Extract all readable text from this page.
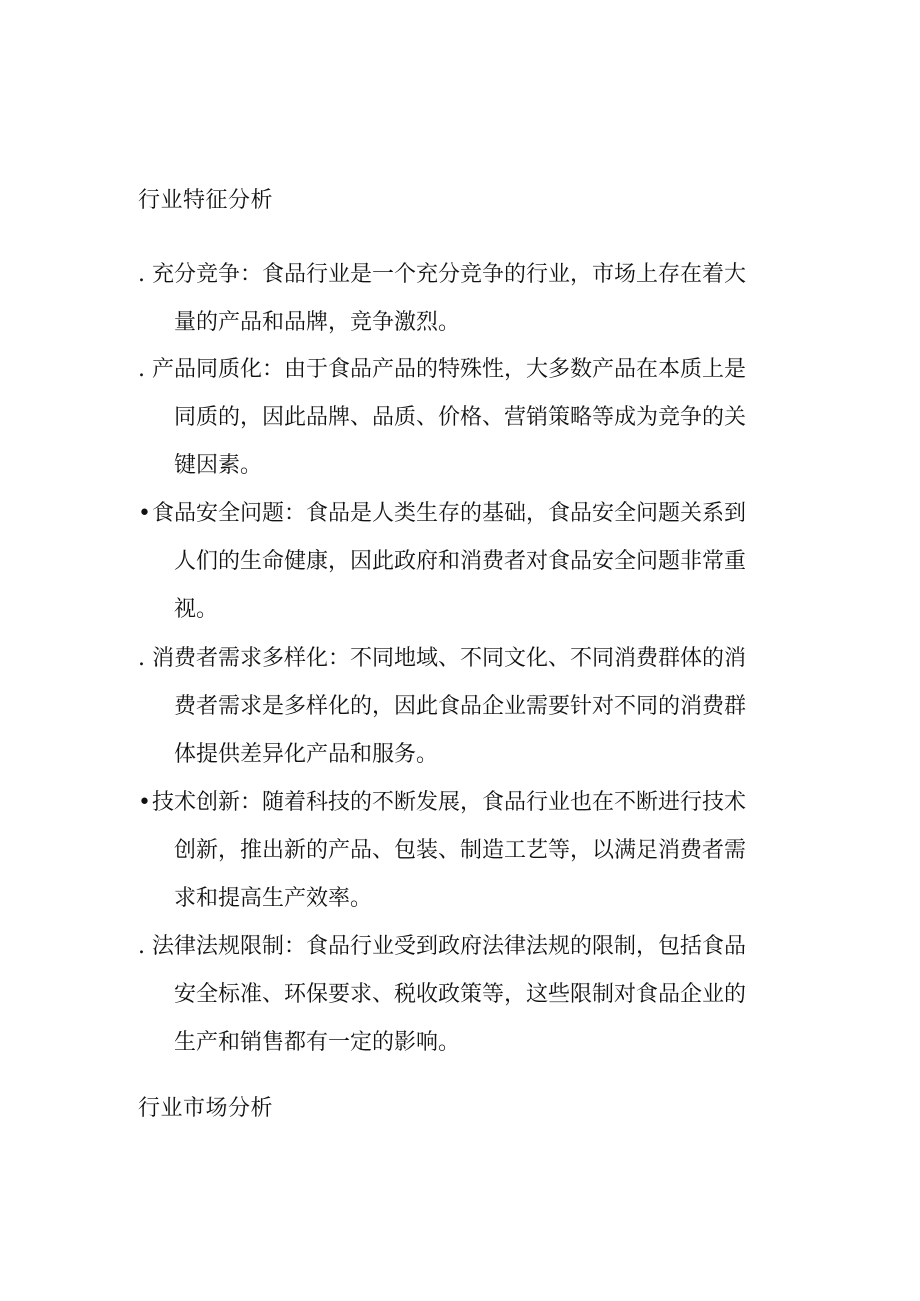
行业特征分析
. 充分竞争：食品行业是一个充分竞争的行业，市场上存在着大
量的产品和品牌，竞争激烈。
. 产品同质化：由于食品产品的特殊性，大多数产品在本质上是
同质的，因此品牌、品质、价格、营销策略等成为竞争的关
键因素。
•食品安全问题：食品是人类生存的基础，食品安全问题关系到
人们的生命健康，因此政府和消费者对食品安全问题非常重
视。
. 消费者需求多样化：不同地域、不同文化、不同消费群体的消
费者需求是多样化的，因此食品企业需要针对不同的消费群
体提供差异化产品和服务。
•技术创新：随着科技的不断发展，食品行业也在不断进行技术
创新，推出新的产品、包装、制造工艺等，以满足消费者需
求和提高生产效率。
. 法律法规限制：食品行业受到政府法律法规的限制，包括食品
安全标准、环保要求、税收政策等，这些限制对食品企业的
生产和销售都有一定的影响。
行业市场分析
